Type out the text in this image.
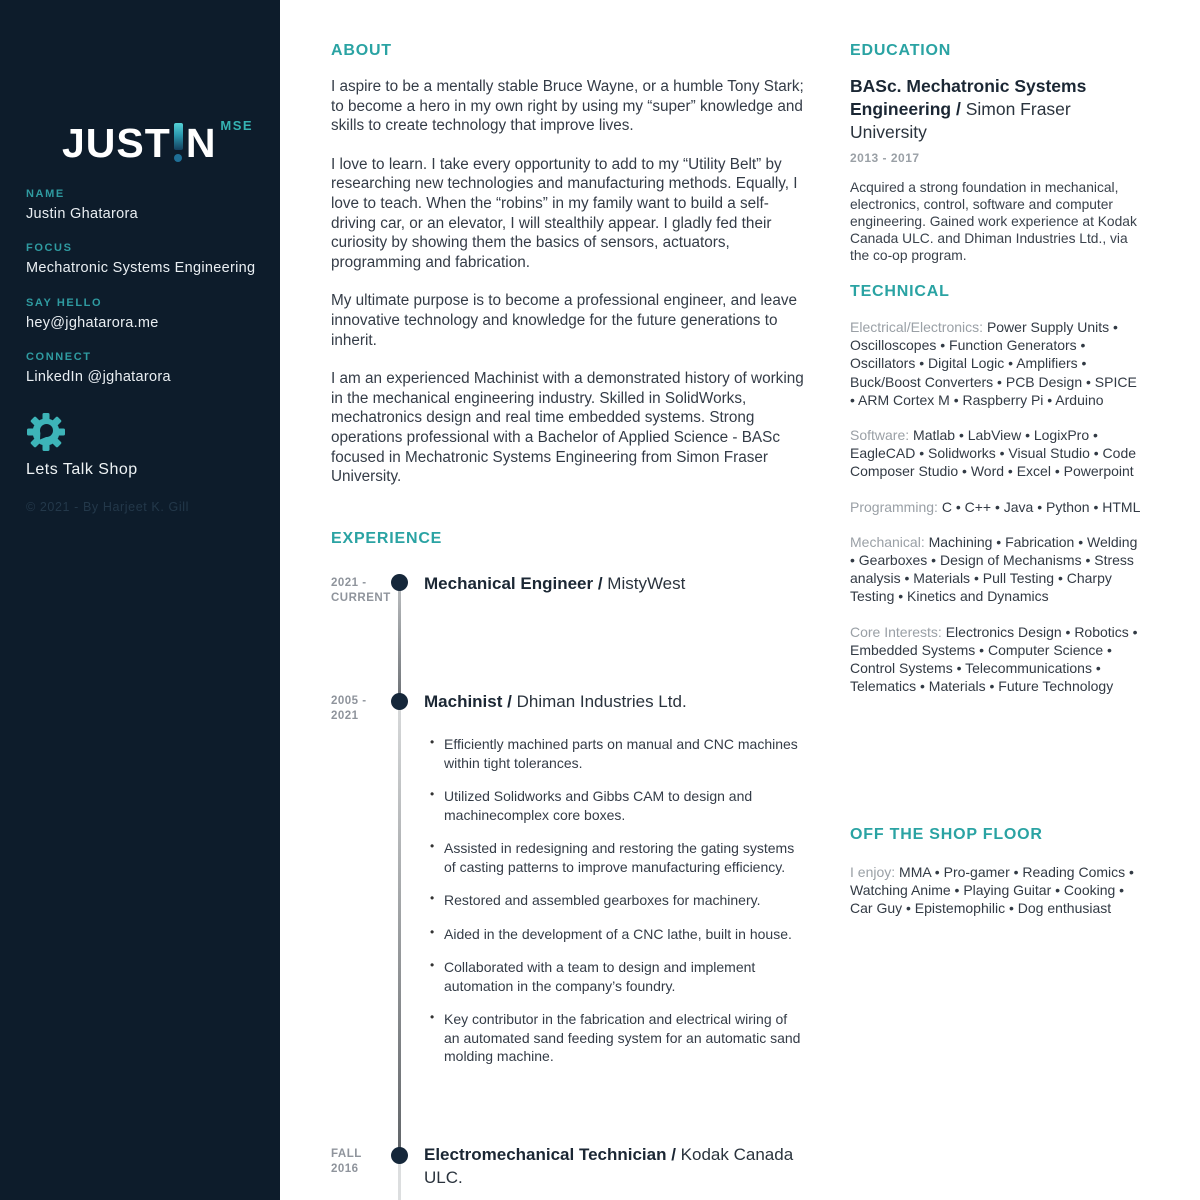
JUST N MSE
NAME
Justin Ghatarora
FOCUS
Mechatronic Systems Engineering
SAY HELLO
hey@jghatarora.me
CONNECT
LinkedIn @jghatarora
Lets Talk Shop
© 2021 - By Harjeet K. Gill
ABOUT

I aspire to be a mentally stable Bruce Wayne, or a humble Tony Stark; to become a hero in my own right by using my “super” knowledge and skills to create technology that improve lives.

I love to learn. I take every opportunity to add to my “Utility Belt” by researching new technologies and manufacturing methods. Equally, I love to teach. When the “robins” in my family want to build a self-driving car, or an elevator, I will stealthily appear. I gladly fed their curiosity by showing them the basics of sensors, actuators, programming and fabrication.

My ultimate purpose is to become a professional engineer, and leave innovative technology and knowledge for the future generations to inherit.

I am an experienced Machinist with a demonstrated history of working in the mechanical engineering industry. Skilled in SolidWorks, mechatronics design and real time embedded systems. Strong operations professional with a Bachelor of Applied Science - BASc focused in Mechatronic Systems Engineering from Simon Fraser University.

EXPERIENCE
2021 -
CURRENT
Mechanical Engineer / MistyWest
2005 -
2021
Machinist / Dhiman Industries Ltd.
• Efficiently machined parts on manual and CNC machines within tight tolerances.
• Utilized Solidworks and Gibbs CAM to design and machinecomplex core boxes.
• Assisted in redesigning and restoring the gating systems of casting patterns to improve manufacturing efficiency.
• Restored and assembled gearboxes for machinery.
• Aided in the development of a CNC lathe, built in house.
• Collaborated with a team to design and implement automation in the company’s foundry.
• Key contributor in the fabrication and electrical wiring of an automated sand feeding system for an automatic sand molding machine.
FALL 2016
Electromechanical Technician / Kodak Canada ULC.
EDUCATION
BASc. Mechatronic Systems Engineering / Simon Fraser University
2013 - 2017
Acquired a strong foundation in mechanical, electronics, control, software and computer engineering. Gained work experience at Kodak Canada ULC. and Dhiman Industries Ltd., via the co-op program.
TECHNICAL
Electrical/Electronics: Power Supply Units • Oscilloscopes • Function Generators • Oscillators • Digital Logic • Amplifiers • Buck/Boost Converters • PCB Design • SPICE • ARM Cortex M • Raspberry Pi • Arduino
Software: Matlab • LabView • LogixPro • EagleCAD • Solidworks • Visual Studio • Code Composer Studio • Word • Excel • Powerpoint
Programming: C • C++ • Java • Python • HTML
Mechanical: Machining • Fabrication • Welding • Gearboxes • Design of Mechanisms • Stress analysis • Materials • Pull Testing • Charpy Testing • Kinetics and Dynamics
Core Interests: Electronics Design • Robotics • Embedded Systems • Computer Science • Control Systems • Telecommunications • Telematics • Materials • Future Technology
OFF THE SHOP FLOOR
I enjoy: MMA • Pro-gamer • Reading Comics • Watching Anime • Playing Guitar • Cooking • Car Guy • Epistemophilic • Dog enthusiast
